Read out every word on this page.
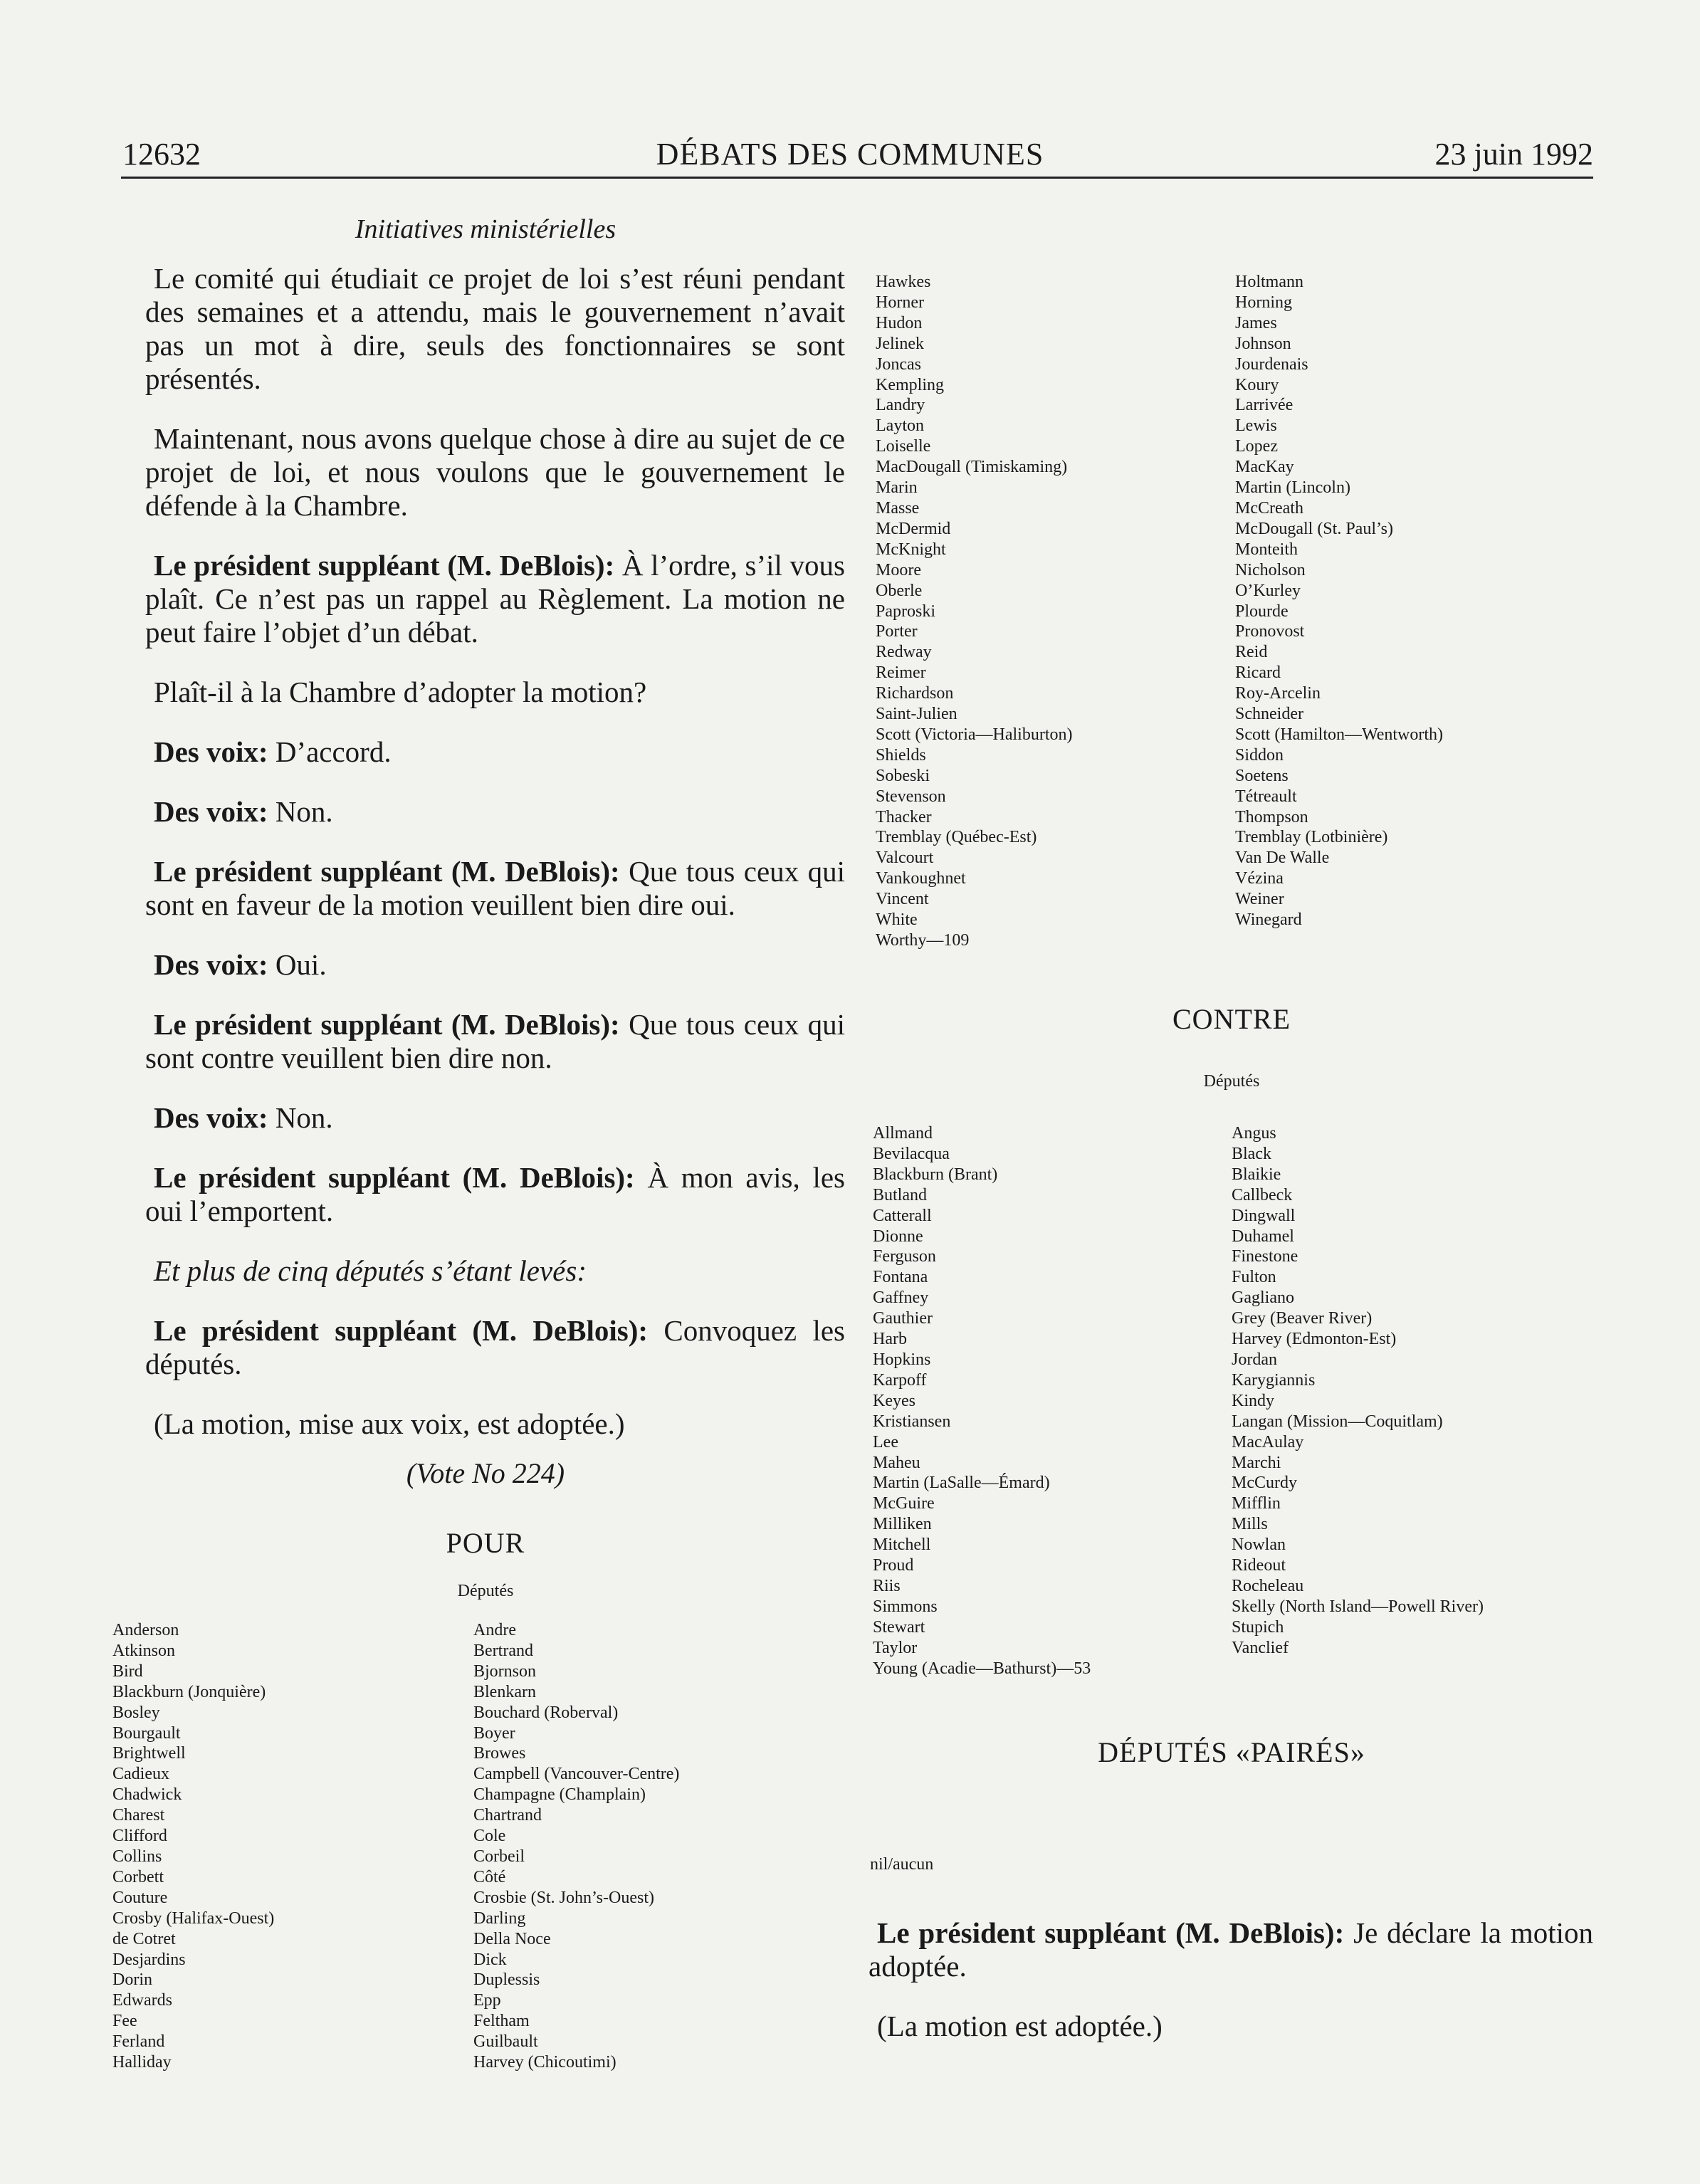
12632	DÉBATS DES COMMUNES	23 juin 1992
Initiatives ministérielles

Le comité qui étudiait ce projet de loi s’est réuni pendant des semaines et a attendu, mais le gouvernement n’avait pas un mot à dire, seuls des fonctionnaires se sont présentés.

Maintenant, nous avons quelque chose à dire au sujet de ce projet de loi, et nous voulons que le gouvernement le défende à la Chambre.

Le président suppléant (M. DeBlois): À l’ordre, s’il vous plaît. Ce n’est pas un rappel au Règlement. La motion ne peut faire l’objet d’un débat.

Plaît-il à la Chambre d’adopter la motion?

Des voix: D’accord.

Des voix: Non.

Le président suppléant (M. DeBlois): Que tous ceux qui sont en faveur de la motion veuillent bien dire oui.

Des voix: Oui.

Le président suppléant (M. DeBlois): Que tous ceux qui sont contre veuillent bien dire non.

Des voix: Non.

Le président suppléant (M. DeBlois): À mon avis, les oui l’emportent.

Et plus de cinq députés s’étant levés:

Le président suppléant (M. DeBlois): Convoquez les députés.

(La motion, mise aux voix, est adoptée.)

(Vote No 224)
POUR
Députés
Anderson
Atkinson
Bird
Blackburn (Jonquière)
Bosley
Bourgault
Brightwell
Cadieux
Chadwick
Charest
Clifford
Collins
Corbett
Couture
Crosby (Halifax-Ouest)
de Cotret
Desjardins
Dorin
Edwards
Fee
Ferland
Halliday
Andre
Bertrand
Bjornson
Blenkarn
Bouchard (Roberval)
Boyer
Browes
Campbell (Vancouver-Centre)
Champagne (Champlain)
Chartrand
Cole
Corbeil
Côté
Crosbie (St. John’s-Ouest)
Darling
Della Noce
Dick
Duplessis
Epp
Feltham
Guilbault
Harvey (Chicoutimi)
Hawkes
Horner
Hudon
Jelinek
Joncas
Kempling
Landry
Layton
Loiselle
MacDougall (Timiskaming)
Marin
Masse
McDermid
McKnight
Moore
Oberle
Paproski
Porter
Redway
Reimer
Richardson
Saint-Julien
Scott (Victoria—Haliburton)
Shields
Sobeski
Stevenson
Thacker
Tremblay (Québec-Est)
Valcourt
Vankoughnet
Vincent
White
Worthy—109
Holtmann
Horning
James
Johnson
Jourdenais
Koury
Larrivée
Lewis
Lopez
MacKay
Martin (Lincoln)
McCreath
McDougall (St. Paul’s)
Monteith
Nicholson
O’Kurley
Plourde
Pronovost
Reid
Ricard
Roy-Arcelin
Schneider
Scott (Hamilton—Wentworth)
Siddon
Soetens
Tétreault
Thompson
Tremblay (Lotbinière)
Van De Walle
Vézina
Weiner
Winegard
CONTRE
Députés
Allmand
Bevilacqua
Blackburn (Brant)
Butland
Catterall
Dionne
Ferguson
Fontana
Gaffney
Gauthier
Harb
Hopkins
Karpoff
Keyes
Kristiansen
Lee
Maheu
Martin (LaSalle—Émard)
McGuire
Milliken
Mitchell
Proud
Riis
Simmons
Stewart
Taylor
Young (Acadie—Bathurst)—53
Angus
Black
Blaikie
Callbeck
Dingwall
Duhamel
Finestone
Fulton
Gagliano
Grey (Beaver River)
Harvey (Edmonton-Est)
Jordan
Karygiannis
Kindy
Langan (Mission—Coquitlam)
MacAulay
Marchi
McCurdy
Mifflin
Mills
Nowlan
Rideout
Rocheleau
Skelly (North Island—Powell River)
Stupich
Vanclief
DÉPUTÉS «PAIRÉS»
nil/aucun

Le président suppléant (M. DeBlois): Je déclare la motion adoptée.

(La motion est adoptée.)
